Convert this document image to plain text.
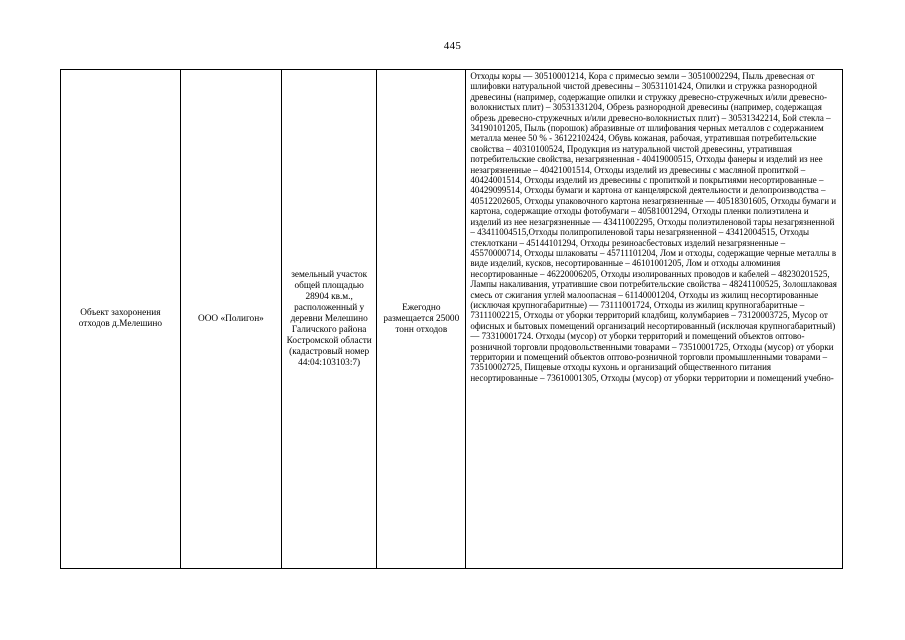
445
Объект захоронения отходов д.Мелешино	ООО «Полигон»	земельный участок общей площадью 28904 кв.м., расположенный у деревни Мелешино Галичского района Костромской области (кадастровый номер 44:04:103103:7)	Ежегодно размещается 25000 тонн отходов	Отходы коры — 30510001214, Кора с примесью земли – 30510002294, Пыль древесная от шлифовки натуральной чистой древесины – 30531101424, Опилки и стружка разнородной древесины (например, содержащие опилки и стружку древесно-стружечных и/или древесно-волокнистых плит) – 30531331204, Обрезь разнородной древесины (например, содержащая обрезь древесно-стружечных и/или древесно-волокнистых плит) – 30531342214, Бой стекла – 34190101205, Пыль (порошок) абразивные от шлифования черных металлов с содержанием металла менее 50 % - 36122102424, Обувь кожаная, рабочая, утратившая потребительские свойства – 40310100524, Продукция из натуральной чистой древесины, утратившая потребительские свойства, незагрязненная - 40419000515, Отходы фанеры и изделий из нее незагрязненные – 40421001514, Отходы изделий из древесины с масляной пропиткой – 40424001514, Отходы изделий из древесины с пропиткой и покрытиями несортированные – 40429099514, Отходы бумаги и картона от канцелярской деятельности и делопроизводства – 40512202605, Отходы упаковочного картона незагрязненные — 40518301605, Отходы бумаги и картона, содержащие отходы фотобумаги – 40581001294, Отходы пленки полиэтилена и изделий из нее незагрязненные — 43411002295, Отходы полиэтиленовой тары незагрязненной – 43411004515,Отходы полипропиленовой тары незагрязненной – 43412004515, Отходы стеклоткани – 45144101294, Отходы резиноасбестовых изделий незагрязненные – 45570000714, Отходы шлаковаты – 45711101204, Лом и отходы, содержащие черные металлы в виде изделий, кусков, несортированные – 46101001205, Лом и отходы алюминия несортированные – 46220006205, Отходы изолированных проводов и кабелей – 48230201525, Лампы накаливания, утратившие свои потребительские свойства – 48241100525, Золошлаковая смесь от сжигания углей малоопасная – 61140001204, Отходы из жилищ несортированные (исключая крупногабаритные) — 73111001724, Отходы из жилищ крупногабаритные – 73111002215, Отходы от уборки территорий кладбищ, колумбариев – 73120003725, Мусор от офисных и бытовых помещений организаций несортированный (исключая крупногабаритный)— 73310001724. Отходы (мусор) от уборки территорий и помещений объектов оптово-розничной торговли продовольственными товарами – 73510001725, Отходы (мусор) от уборки территории и помещений объектов оптово-розничной торговли промышленными товарами – 73510002725, Пищевые отходы кухонь и организаций общественного питания несортированные – 73610001305, Отходы (мусор) от уборки территории и помещений учебно-
